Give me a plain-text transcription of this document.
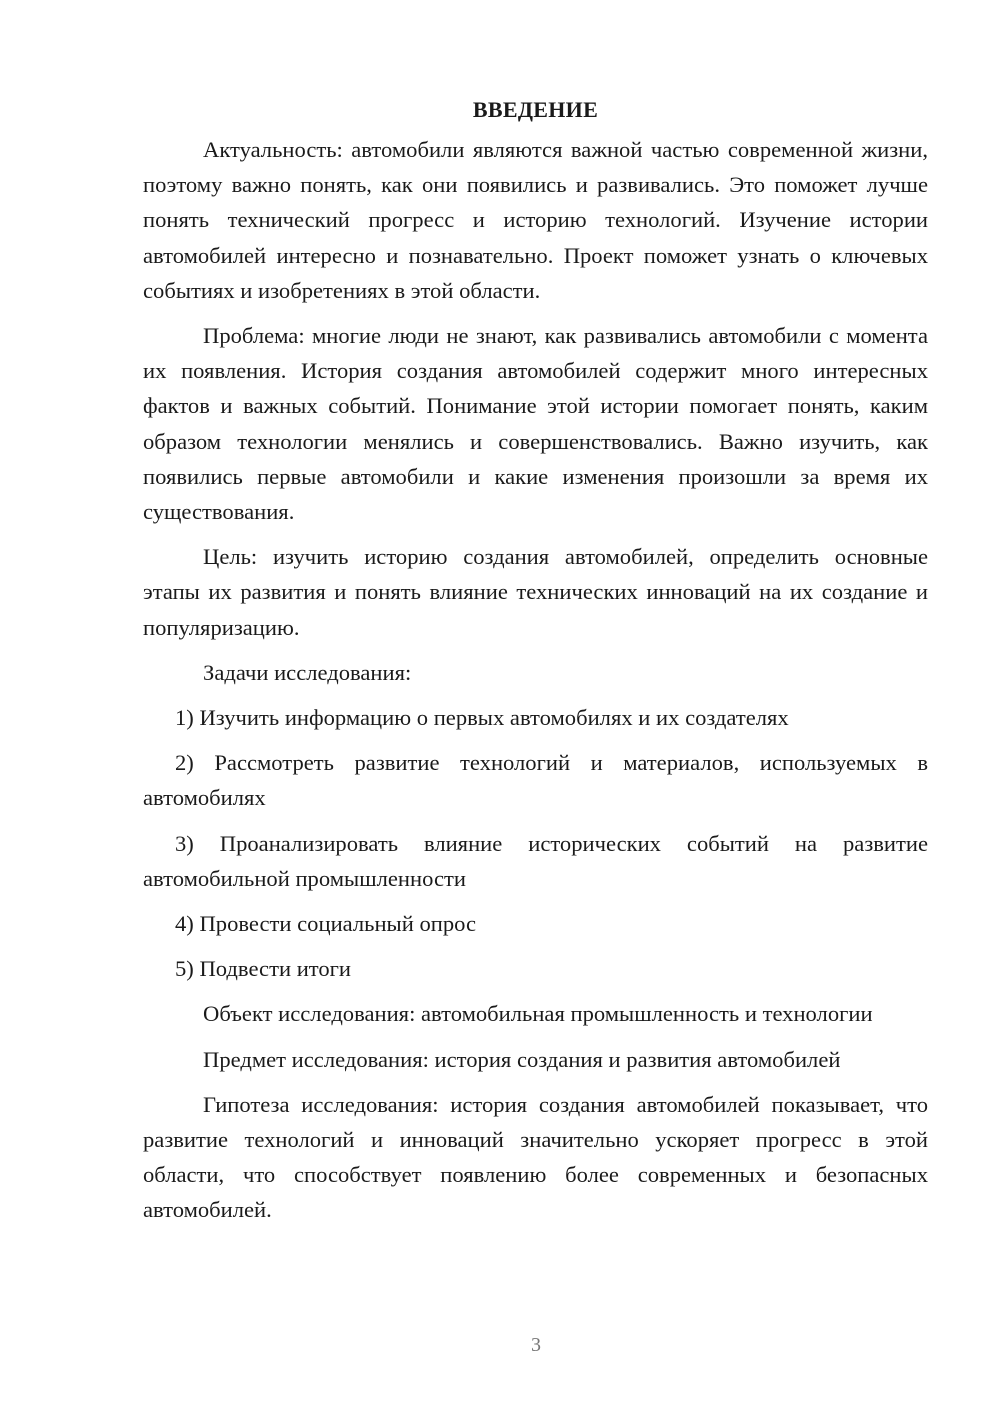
ВВЕДЕНИЕ

Актуальность: автомобили являются важной частью современной жизни, поэтому важно понять, как они появились и развивались. Это поможет лучше понять технический прогресс и историю технологий. Изучение истории автомобилей интересно и познавательно. Проект поможет узнать о ключевых событиях и изобретениях в этой области.

Проблема: многие люди не знают, как развивались автомобили с момента их появления. История создания автомобилей содержит много интересных фактов и важных событий. Понимание этой истории помогает понять, каким образом технологии менялись и совершенствовались. Важно изучить, как появились первые автомобили и какие изменения произошли за время их существования.

Цель: изучить историю создания автомобилей, определить основные этапы их развития и понять влияние технических инноваций на их создание и популяризацию.

Задачи исследования:

1) Изучить информацию о первых автомобилях и их создателях

2) Рассмотреть развитие технологий и материалов, используемых в автомобилях

3) Проанализировать влияние исторических событий на развитие автомобильной промышленности

4) Провести социальный опрос

5) Подвести итоги

Объект исследования: автомобильная промышленность и технологии

Предмет исследования: история создания и развития автомобилей

Гипотеза исследования: история создания автомобилей показывает, что развитие технологий и инноваций значительно ускоряет прогресс в этой области, что способствует появлению более современных и безопасных автомобилей.

3
